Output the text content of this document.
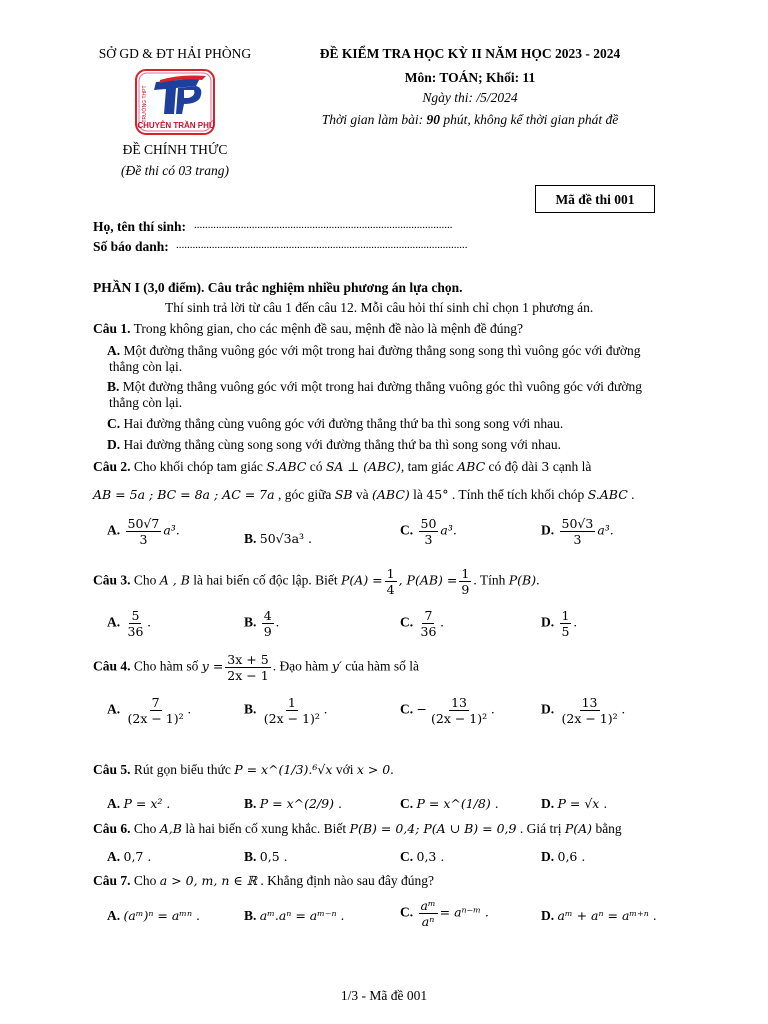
SỞ GD & ĐT HẢI PHÒNG
CHUYÊN TRẦN PHÚ
TRƯỜNG THPT
ĐỀ CHÍNH THỨC
(Đề thi có 03 trang)
ĐỀ KIỂM TRA HỌC KỲ II NĂM HỌC 2023 - 2024
Môn: TOÁN; Khối: 11
Ngày thi: /5/2024
Thời gian làm bài: 90 phút, không kể thời gian phát đề
Mã đề thi 001
Họ, tên thí sinh: ..............................................................................................
Số báo danh: ..........................................................................................................
PHẦN I (3,0 điểm). Câu trắc nghiệm nhiều phương án lựa chọn.
Thí sinh trả lời từ câu 1 đến câu 12. Mỗi câu hỏi thí sinh chỉ chọn 1 phương án.
Câu 1. Trong không gian, cho các mệnh đề sau, mệnh đề nào là mệnh đề đúng?
A. Một đường thẳng vuông góc với một trong hai đường thẳng song song thì vuông góc với đường
thẳng còn lại.
B. Một đường thẳng vuông góc với một trong hai đường thẳng vuông góc thì vuông góc với đường
thẳng còn lại.
C. Hai đường thẳng cùng vuông góc với đường thẳng thứ ba thì song song với nhau.
D. Hai đường thẳng cùng song song với đường thẳng thứ ba thì song song với nhau.
Câu 2. Cho khối chóp tam giác S.ABC có SA ⊥ (ABC), tam giác ABC có độ dài 3 cạnh là
AB = 5a ; BC = 8a ; AC = 7a , góc giữa SB và (ABC) là 45° . Tính thể tích khối chóp S.ABC .
A. $\frac{50√7}{3} a^3$.
B. 50√3a³ .
C. $\frac{50}{3} a^3$.	D. $\frac{50√3}{3} a^3$.
Câu 3. Cho A , B là hai biến cố độc lập. Biết $P(A) = \frac{1}{4}$ , $P(AB) = \frac{1}{9}$ . Tính P(B).
A. $\frac{5}{36}$ .	B. $\frac{4}{9}$ .	C. $\frac{7}{36}$ .	D. $\frac{1}{5}$ .
Câu 4. Cho hàm số $y = \frac{3x + 5}{2x - 1}$ . Đạo hàm y′ của hàm số là
A. $\frac{7}{\text{(2x − 1)²}}$ .	B. $\frac{1}{\text{(2x − 1)²}}$ .	C. − $\frac{13}{\text{(2x − 1)²}}$ .	D. $\frac{13}{\text{(2x − 1)²}}$ .
Câu 5. Rút gọn biểu thức P = x^(1/3).⁶√x với x > 0.
A. P = x² .	B. P = x^(2/9) .	C. P = x^(1/8) .	D. P = √x .
Câu 6. Cho A,B là hai biến cố xung khắc. Biết P(B) = 0,4; P(A ∪ B) = 0,9 . Giá trị P(A) bằng
A. 0,7 .	B. 0,5 .	C. 0,3 .	D. 0,6 .
Câu 7. Cho a > 0, m, n ∈ ℝ . Khẳng định nào sau đây đúng?
A. (aᵐ)ⁿ = aᵐⁿ .	B. aᵐ.aⁿ = aᵐ⁻ⁿ .	C. $\frac{\text{aᵐ}}{\text{aⁿ}}$ = aⁿ⁻ᵐ .	D. aᵐ + aⁿ = aᵐ⁺ⁿ .
1/3 - Mã đề 001
